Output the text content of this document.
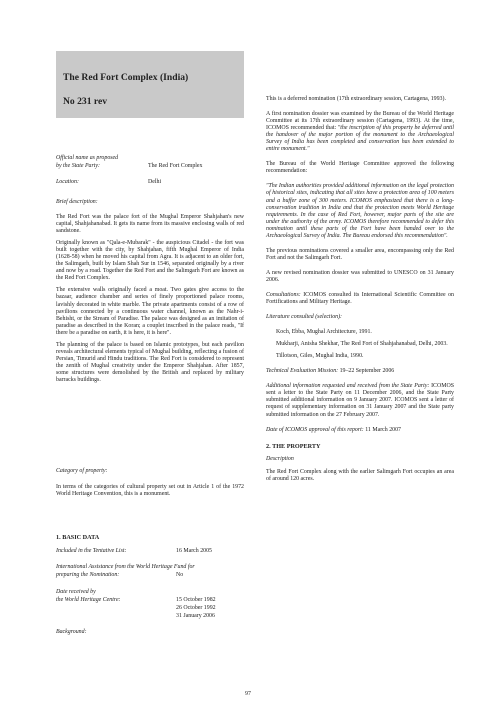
The Red Fort Complex (India)
No 231 rev
Official name as proposed
by the State Party:	The Red Fort Complex
Location:	Delhi
Brief description:

The Red Fort was the palace fort of the Mughal Emperor Shahjahan's new capital, Shahjahanabad. It gets its name from its massive enclosing walls of red sandstone.

Originally known as "Qala-e-Mubarak" - the auspicious Citadel - the fort was built together with the city, by Shahjahan, fifth Mughal Emperor of India (1628-58) when he moved his capital from Agra. It is adjacent to an older fort, the Salimgarh, built by Islam Shah Sur in 1546, separated originally by a river and now by a road. Together the Red Fort and the Salimgarh Fort are known as the Red Fort Complex.

The extensive walls originally faced a moat. Two gates give access to the bazaar, audience chamber and series of finely proportioned palace rooms, lavishly decorated in white marble. The private apartments consist of a row of pavilions connected by a continuous water channel, known as the Nahr-i-Behisht, or the Stream of Paradise. The palace was designed as an imitation of paradise as described in the Koran; a couplet inscribed in the palace reads, "If there be a paradise on earth, it is here, it is here".

The planning of the palace is based on Islamic prototypes, but each pavilion reveals architectural elements typical of Mughal building, reflecting a fusion of Persian, Timurid and Hindu traditions. The Red Fort is considered to represent the zenith of Mughal creativity under the Emperor Shahjahan. After 1857, some structures were demolished by the British and replaced by military barracks buildings.

Category of property:

In terms of the categories of cultural property set out in Article 1 of the 1972 World Heritage Convention, this is a monument.

1. BASIC DATA
Included in the Tentative List:	16 March 2005
International Assistance from the World Heritage Fund for
preparing the Nomination:	No
Date received by
the World Heritage Centre:	15 October 1982
26 October 1992
31 January 2006
Background:

This is a deferred nomination (17th extraordinary session, Cartagena, 1993).

A first nomination dossier was examined by the Bureau of the World Heritage Committee at its 17th extraordinary session (Cartagena, 1993). At the time, ICOMOS recommended that: "the inscription of this property be deferred until the handover of the major portion of the monument to the Archaeological Survey of India has been completed and conservation has been extended to entire monument."

The Bureau of the World Heritage Committee approved the following recommendation:

"The Indian authorities provided additional information on the legal protection of historical sites, indicating that all sites have a protection area of 100 meters and a buffer zone of 300 meters. ICOMOS emphasized that there is a long-conservation tradition in India and that the protection meets World Heritage requirements. In the case of Red Fort, however, major parts of the site are under the authority of the army. ICOMOS therefore recommended to defer this nomination until these parts of the Fort have been handed over to the Archaeological Survey of India. The Bureau endorsed this recommendation".

The previous nominations covered a smaller area, encompassing only the Red Fort and not the Salimgarh Fort.

A new revised nomination dossier was submitted to UNESCO on 31 January 2006.

Consultations: ICOMOS consulted its International Scientific Committee on Fortifications and Military Heritage.

Literature consulted (selection):

Koch, Ebba, Mughal Architecture, 1991.

Mukharji, Anisha Shekhar, The Red Fort of Shahjahanabad, Delhi, 2003.

Tillotson, Giles, Mughal India, 1990.

Technical Evaluation Mission: 19–22 September 2006

Additional information requested and received from the State Party: ICOMOS sent a letter to the State Party on 11 December 2006, and the State Party submitted additional information on 9 January 2007. ICOMOS sent a letter of request of supplementary information on 31 January 2007 and the State party submitted information on the 27 February 2007.

Date of ICOMOS approval of this report: 11 March 2007

2. THE PROPERTY

Description

The Red Fort Complex along with the earlier Salimgarh Fort occupies an area of around 120 acres.

97
